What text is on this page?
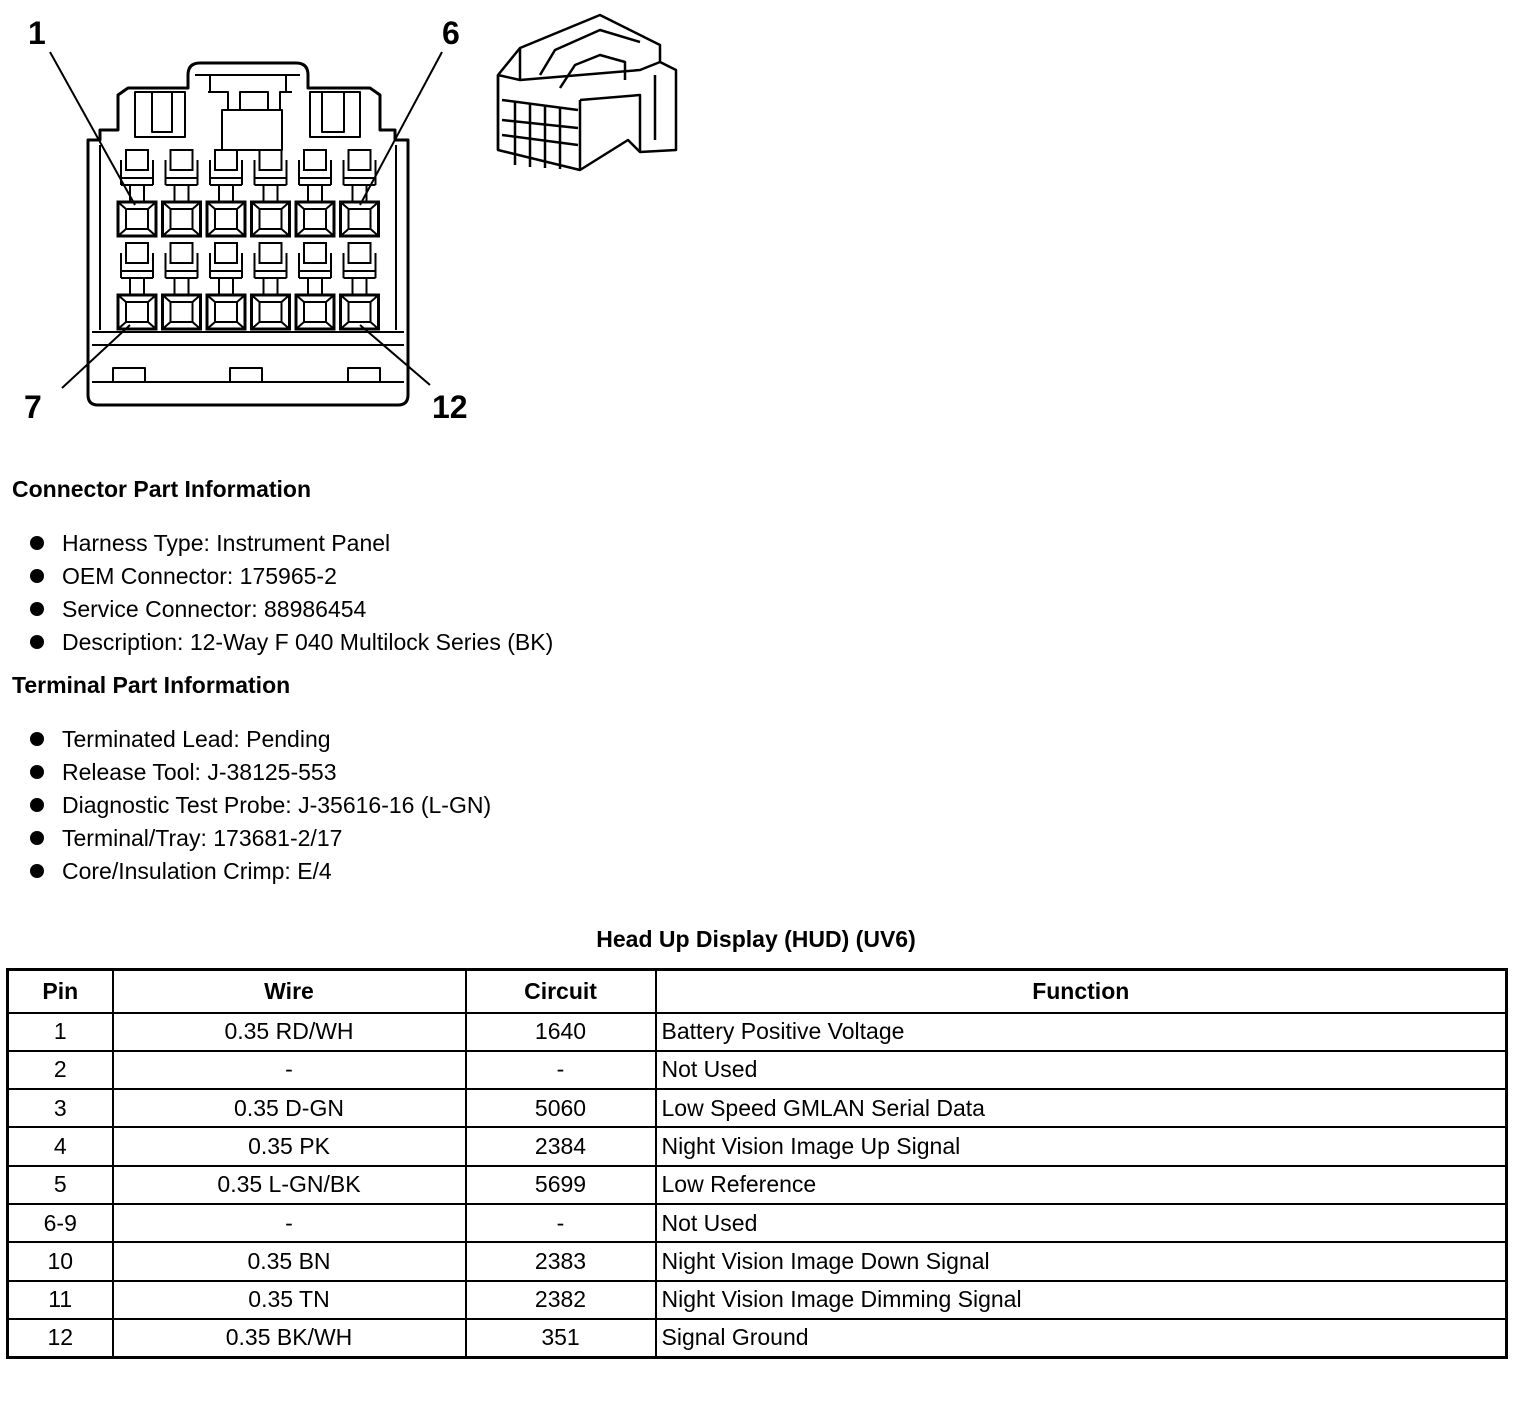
1	6
7	12
Connector Part Information
Harness Type: Instrument Panel
OEM Connector: 175965-2
Service Connector: 88986454
Description: 12-Way F 040 Multilock Series (BK)
Terminal Part Information
Terminated Lead: Pending
Release Tool: J-38125-553
Diagnostic Test Probe: J-35616-16 (L-GN)
Terminal/Tray: 173681-2/17
Core/Insulation Crimp: E/4
Head Up Display (HUD) (UV6)
Pin	Wire	Circuit	Function
1	0.35 RD/WH	1640	Battery Positive Voltage
2	-	-	Not Used
3	0.35 D-GN	5060	Low Speed GMLAN Serial Data
4	0.35 PK	2384	Night Vision Image Up Signal
5	0.35 L-GN/BK	5699	Low Reference
6-9	-	-	Not Used
10	0.35 BN	2383	Night Vision Image Down Signal
11	0.35 TN	2382	Night Vision Image Dimming Signal
12	0.35 BK/WH	351	Signal Ground
